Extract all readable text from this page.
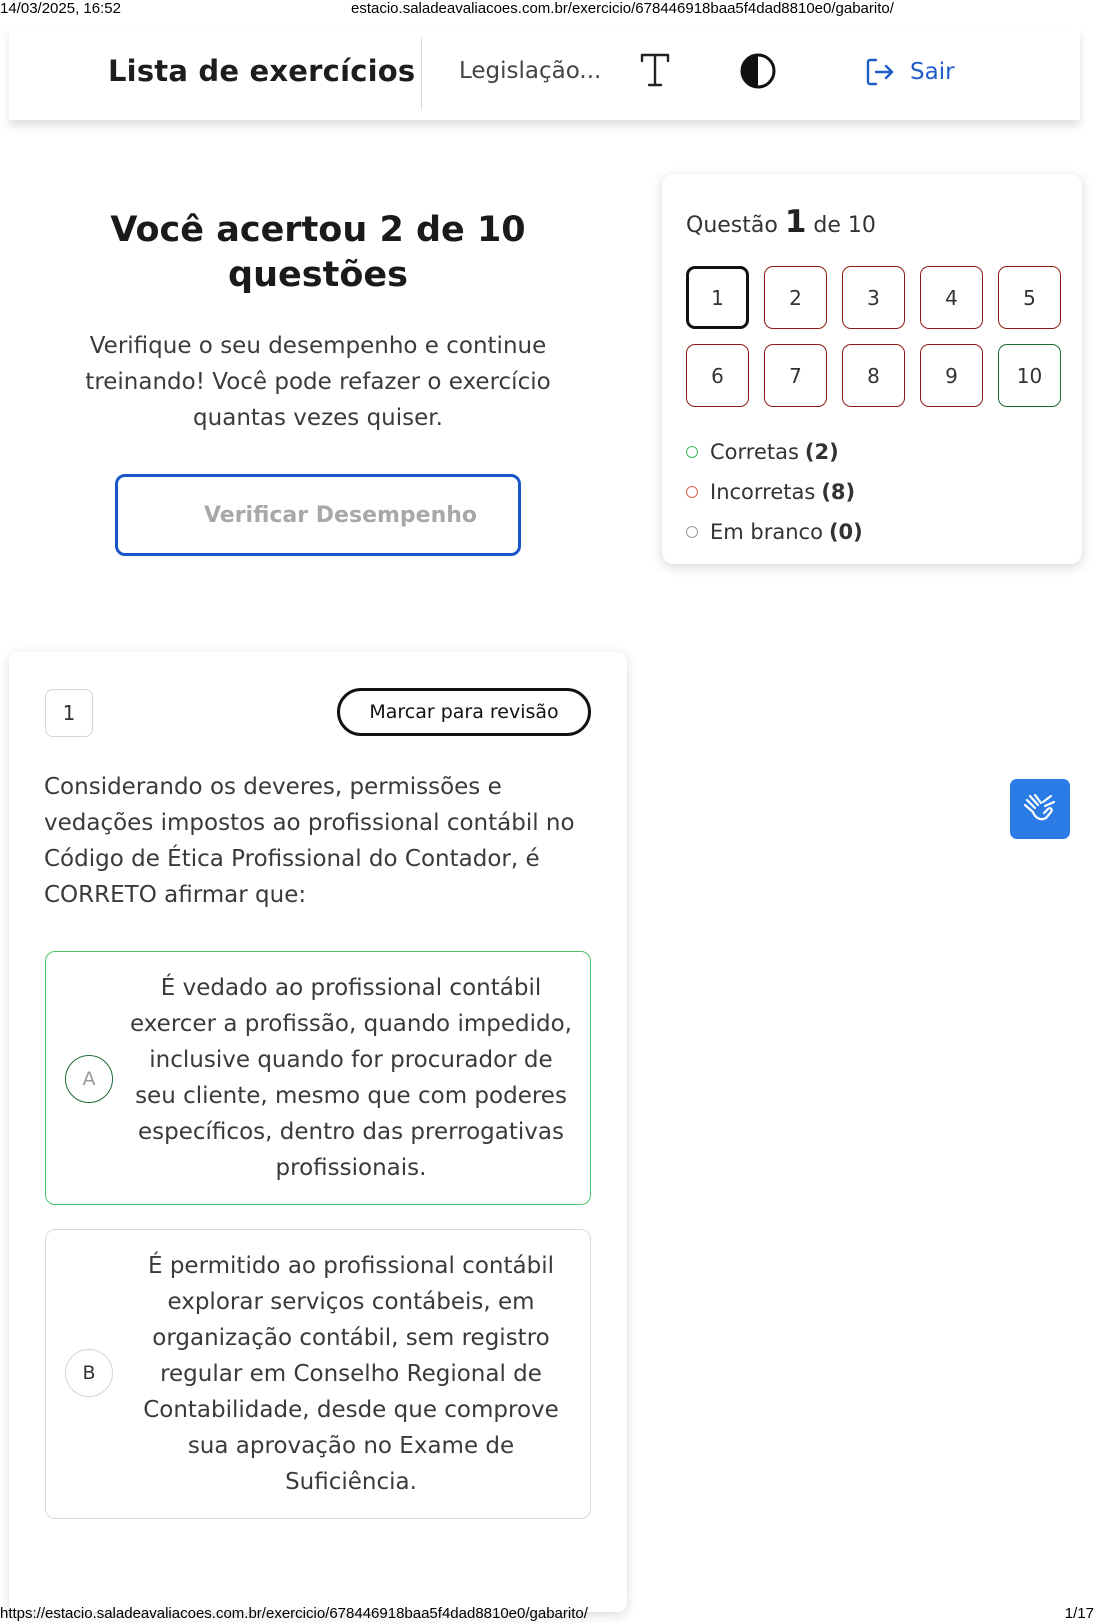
14/03/2025, 16:52	estacio.saladeavaliacoes.com.br/exercicio/678446918baa5f4dad8810e0/gabarito/
Lista de exercícios Legislação...	Sair
Você acertou 2 de 10 questões
Verifique o seu desempenho e continue treinando! Você pode refazer o exercício quantas vezes quiser.
Verificar Desempenho
Questão 1 de 10
1	2	3	4	5
6	7	8	9	10
Corretas (2)
Incorretas (8)
Em branco (0)
1	Marcar para revisão
Considerando os deveres, permissões e vedações impostos ao profissional contábil no Código de Ética Profissional do Contador, é CORRETO afirmar que:
A
É vedado ao profissional contábil exercer a profissão, quando impedido, inclusive quando for procurador de seu cliente, mesmo que com poderes específicos, dentro das prerrogativas profissionais.
B
É permitido ao profissional contábil explorar serviços contábeis, em organização contábil, sem registro regular em Conselho Regional de Contabilidade, desde que comprove sua aprovação no Exame de Suficiência.
https://estacio.saladeavaliacoes.com.br/exercicio/678446918baa5f4dad8810e0/gabarito/	1/17
